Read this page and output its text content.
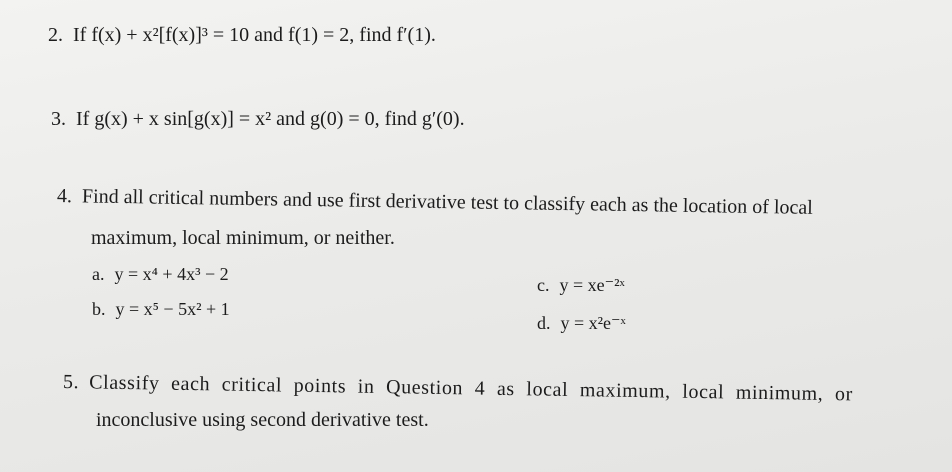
2. If f(x) + x²[f(x)]³ = 10 and f(1) = 2, find f′(1).
3. If g(x) + x sin[g(x)] = x² and g(0) = 0, find g′(0).
4. Find all critical numbers and use first derivative test to classify each as the location of local
maximum, local minimum, or neither.
a. y = x⁴ + 4x³ − 2
b. y = x⁵ − 5x² + 1
c. y = xe⁻²ˣ
d. y = x²e⁻ˣ
5. Classify each critical points in Question 4 as local maximum, local minimum, or
inconclusive using second derivative test.
